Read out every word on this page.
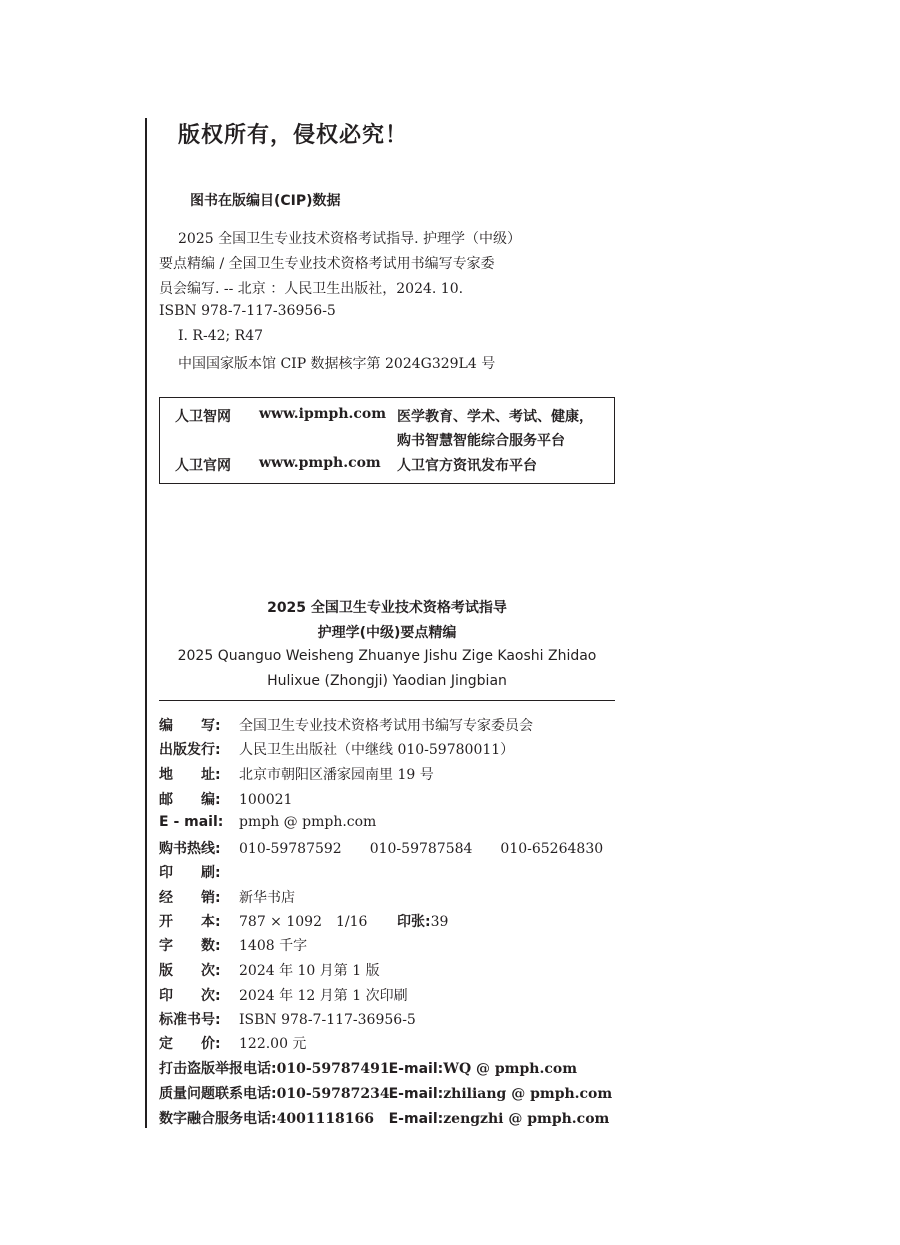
版权所有，侵权必究！
图书在版编目(CIP)数据
2025 全国卫生专业技术资格考试指导. 护理学（中级）
要点精编 / 全国卫生专业技术资格考试用书编写专家委
员会编写. -- 北京 ：人民卫生出版社，2024. 10.
ISBN 978-7-117-36956-5
Ⅰ. R-42; R47
中国国家版本馆 CIP 数据核字第 2024G329L4 号
人卫智网 www.ipmph.com 医学教育、学术、考试、健康，
购书智慧智能综合服务平台
人卫官网 www.pmph.com 人卫官方资讯发布平台
2025 全国卫生专业技术资格考试指导
护理学(中级)要点精编
2025 Quanguo Weisheng Zhuanye Jishu Zige Kaoshi Zhidao
Hulixue (Zhongji) Yaodian Jingbian
编　　写: 全国卫生专业技术资格考试用书编写专家委员会
出版发行: 人民卫生出版社（中继线 010-59780011）
地　　址: 北京市朝阳区潘家园南里 19 号
邮　　编: 100021
E - mail: pmph @ pmph.com
购书热线: 010-59787592　　010-59787584　　010-65264830
印　　刷:
经　　销: 新华书店
开　　本: 787 × 1092　1/16 印张:39
字　　数: 1408 千字
版　　次: 2024 年 10 月第 1 版
印　　次: 2024 年 12 月第 1 次印刷
标准书号: ISBN 978-7-117-36956-5
定　　价: 122.00 元
打击盗版举报电话:010-59787491E-mail:WQ @ pmph.com
质量问题联系电话:010-59787234E-mail:zhiliang @ pmph.com
数字融合服务电话:4001118166 E-mail:zengzhi @ pmph.com
